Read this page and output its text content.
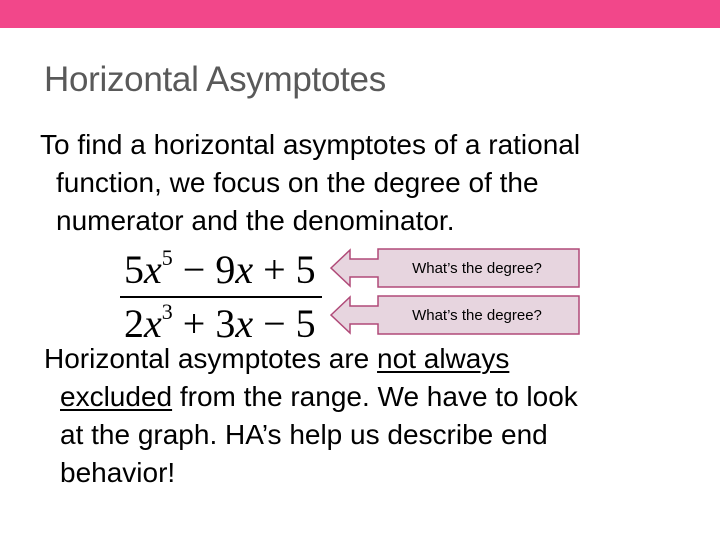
Horizontal Asymptotes
To find a horizontal asymptotes of a rational
function, we focus on the degree of the
numerator and the denominator.
$5x^5 - 9x + 5$
$2x^3 + 3x - 5$
What’s the degree?
What’s the degree?
Horizontal asymptotes are not always
excluded from the range. We have to look
at the graph. HA’s help us describe end
behavior!
